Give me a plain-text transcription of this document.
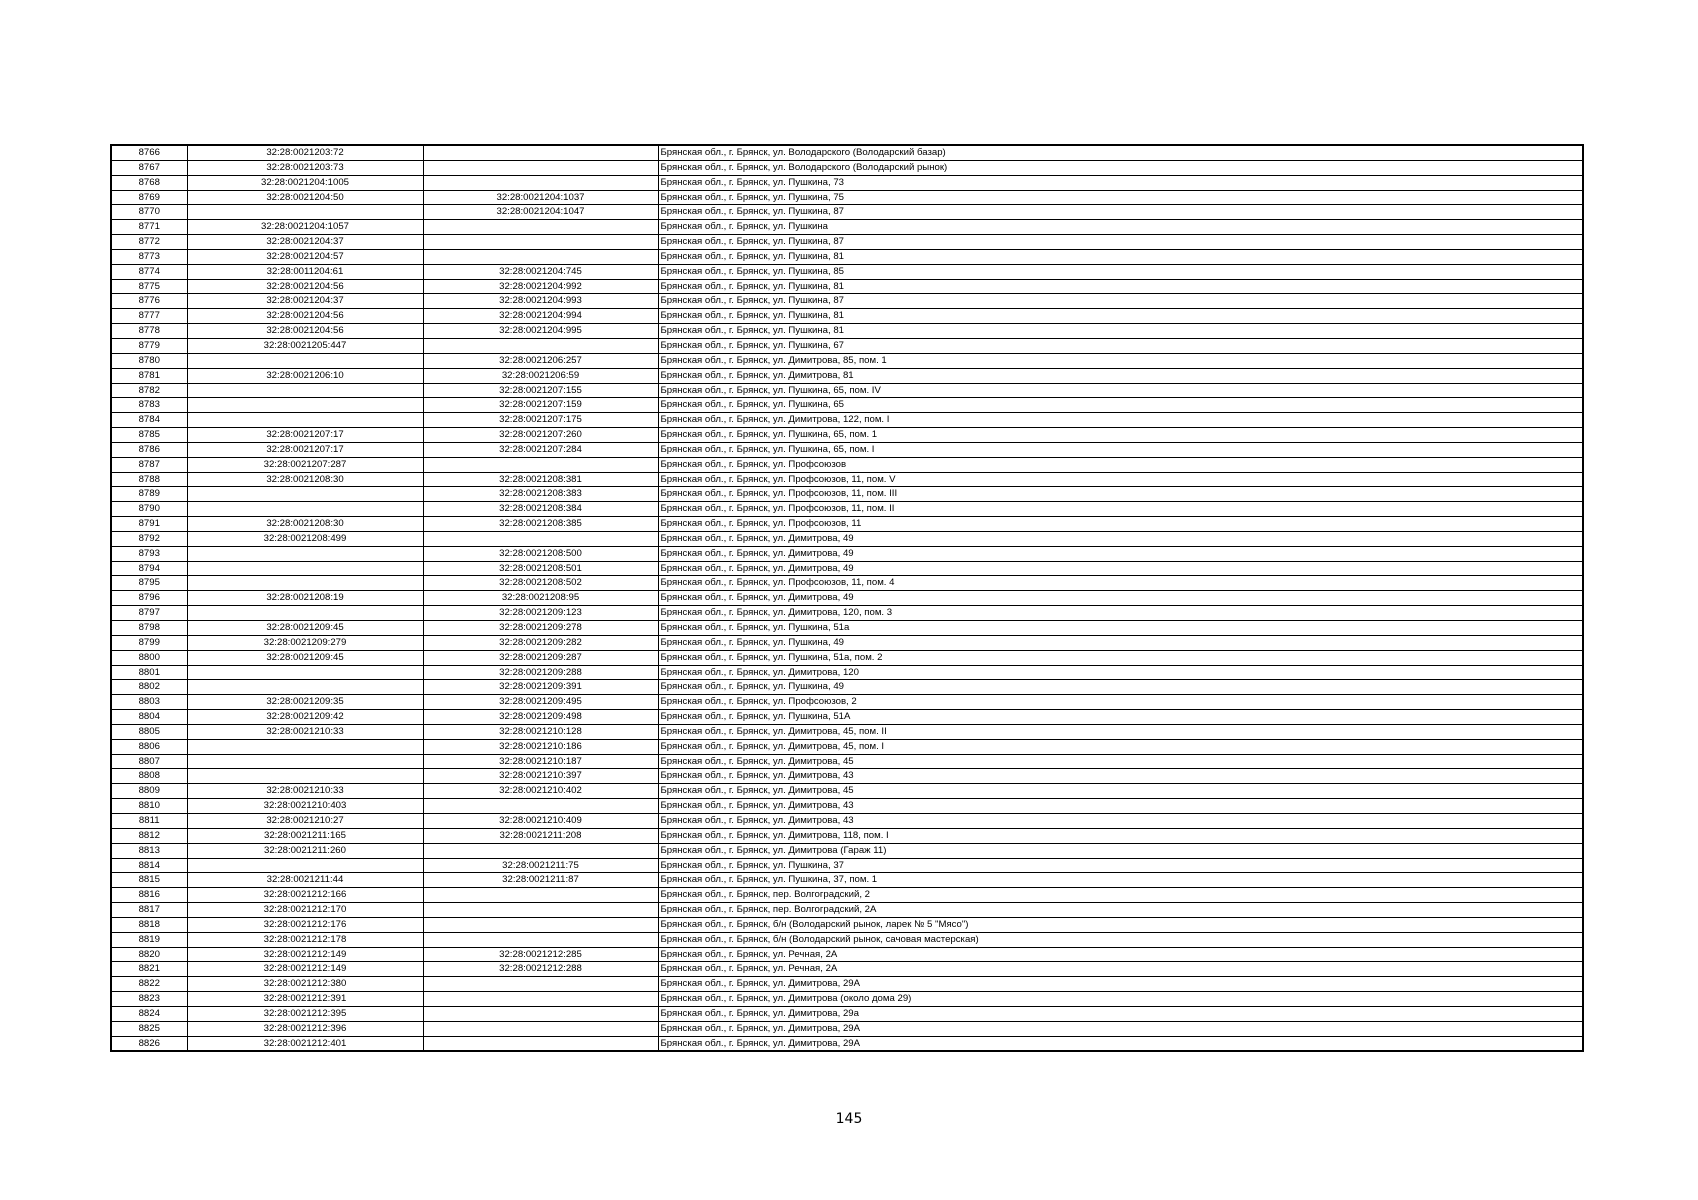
8766	32:28:0021203:72		Брянская обл., г. Брянск, ул. Володарского (Володарский базар)
8767	32:28:0021203:73		Брянская обл., г. Брянск, ул. Володарского (Володарский рынок)
8768	32:28:0021204:1005		Брянская обл., г. Брянск, ул. Пушкина, 73
8769	32:28:0021204:50	32:28:0021204:1037	Брянская обл., г. Брянск, ул. Пушкина, 75
8770		32:28:0021204:1047	Брянская обл., г. Брянск, ул. Пушкина, 87
8771	32:28:0021204:1057		Брянская обл., г. Брянск, ул. Пушкина
8772	32:28:0021204:37		Брянская обл., г. Брянск, ул. Пушкина, 87
8773	32:28:0021204:57		Брянская обл., г. Брянск, ул. Пушкина, 81
8774	32:28:0011204:61	32:28:0021204:745	Брянская обл., г. Брянск, ул. Пушкина, 85
8775	32:28:0021204:56	32:28:0021204:992	Брянская обл., г. Брянск, ул. Пушкина, 81
8776	32:28:0021204:37	32:28:0021204:993	Брянская обл., г. Брянск, ул. Пушкина, 87
8777	32:28:0021204:56	32:28:0021204:994	Брянская обл., г. Брянск, ул. Пушкина, 81
8778	32:28:0021204:56	32:28:0021204:995	Брянская обл., г. Брянск, ул. Пушкина, 81
8779	32:28:0021205:447		Брянская обл., г. Брянск, ул. Пушкина, 67
8780		32:28:0021206:257	Брянская обл., г. Брянск, ул. Димитрова, 85, пом. 1
8781	32:28:0021206:10	32:28:0021206:59	Брянская обл., г. Брянск, ул. Димитрова, 81
8782		32:28:0021207:155	Брянская обл., г. Брянск, ул. Пушкина, 65, пом. IV
8783		32:28:0021207:159	Брянская обл., г. Брянск, ул. Пушкина, 65
8784		32:28:0021207:175	Брянская обл., г. Брянск, ул. Димитрова, 122, пом. I
8785	32:28:0021207:17	32:28:0021207:260	Брянская обл., г. Брянск, ул. Пушкина, 65, пом. 1
8786	32:28:0021207:17	32:28:0021207:284	Брянская обл., г. Брянск, ул. Пушкина, 65, пом. I
8787	32:28:0021207:287		Брянская обл., г. Брянск, ул. Профсоюзов
8788	32:28:0021208:30	32:28:0021208:381	Брянская обл., г. Брянск, ул. Профсоюзов, 11, пом. V
8789		32:28:0021208:383	Брянская обл., г. Брянск, ул. Профсоюзов, 11, пом. III
8790		32:28:0021208:384	Брянская обл., г. Брянск, ул. Профсоюзов, 11, пом. II
8791	32:28:0021208:30	32:28:0021208:385	Брянская обл., г. Брянск, ул. Профсоюзов, 11
8792	32:28:0021208:499		Брянская обл., г. Брянск, ул. Димитрова, 49
8793		32:28:0021208:500	Брянская обл., г. Брянск, ул. Димитрова, 49
8794		32:28:0021208:501	Брянская обл., г. Брянск, ул. Димитрова, 49
8795		32:28:0021208:502	Брянская обл., г. Брянск, ул. Профсоюзов, 11, пом. 4
8796	32:28:0021208:19	32:28:0021208:95	Брянская обл., г. Брянск, ул. Димитрова, 49
8797		32:28:0021209:123	Брянская обл., г. Брянск, ул. Димитрова, 120, пом. 3
8798	32:28:0021209:45	32:28:0021209:278	Брянская обл., г. Брянск, ул. Пушкина, 51а
8799	32:28:0021209:279	32:28:0021209:282	Брянская обл., г. Брянск, ул. Пушкина, 49
8800	32:28:0021209:45	32:28:0021209:287	Брянская обл., г. Брянск, ул. Пушкина, 51а, пом. 2
8801		32:28:0021209:288	Брянская обл., г. Брянск, ул. Димитрова, 120
8802		32:28:0021209:391	Брянская обл., г. Брянск, ул. Пушкина, 49
8803	32:28:0021209:35	32:28:0021209:495	Брянская обл., г. Брянск, ул. Профсоюзов, 2
8804	32:28:0021209:42	32:28:0021209:498	Брянская обл., г. Брянск, ул. Пушкина, 51А
8805	32:28:0021210:33	32:28:0021210:128	Брянская обл., г. Брянск, ул. Димитрова, 45, пом. II
8806		32:28:0021210:186	Брянская обл., г. Брянск, ул. Димитрова, 45, пом. I
8807		32:28:0021210:187	Брянская обл., г. Брянск, ул. Димитрова, 45
8808		32:28:0021210:397	Брянская обл., г. Брянск, ул. Димитрова, 43
8809	32:28:0021210:33	32:28:0021210:402	Брянская обл., г. Брянск, ул. Димитрова, 45
8810	32:28:0021210:403		Брянская обл., г. Брянск, ул. Димитрова, 43
8811	32:28:0021210:27	32:28:0021210:409	Брянская обл., г. Брянск, ул. Димитрова, 43
8812	32:28:0021211:165	32:28:0021211:208	Брянская обл., г. Брянск, ул. Димитрова, 118, пом. I
8813	32:28:0021211:260		Брянская обл., г. Брянск, ул. Димитрова (Гараж 11)
8814		32:28:0021211:75	Брянская обл., г. Брянск, ул. Пушкина, 37
8815	32:28:0021211:44	32:28:0021211:87	Брянская обл., г. Брянск, ул. Пушкина, 37, пом. 1
8816	32:28:0021212:166		Брянская обл., г. Брянск, пер. Волгоградский, 2
8817	32:28:0021212:170		Брянская обл., г. Брянск, пер. Волгоградский, 2А
8818	32:28:0021212:176		Брянская обл., г. Брянск, б/н (Володарский рынок, ларек № 5 "Мясо")
8819	32:28:0021212:178		Брянская обл., г. Брянск, б/н (Володарский рынок, сачовая мастерская)
8820	32:28:0021212:149	32:28:0021212:285	Брянская обл., г. Брянск, ул. Речная, 2А
8821	32:28:0021212:149	32:28:0021212:288	Брянская обл., г. Брянск, ул. Речная, 2А
8822	32:28:0021212:380		Брянская обл., г. Брянск, ул. Димитрова, 29А
8823	32:28:0021212:391		Брянская обл., г. Брянск, ул. Димитрова (около дома 29)
8824	32:28:0021212:395		Брянская обл., г. Брянск, ул. Димитрова, 29а
8825	32:28:0021212:396		Брянская обл., г. Брянск, ул. Димитрова, 29А
8826	32:28:0021212:401		Брянская обл., г. Брянск, ул. Димитрова, 29А
145
